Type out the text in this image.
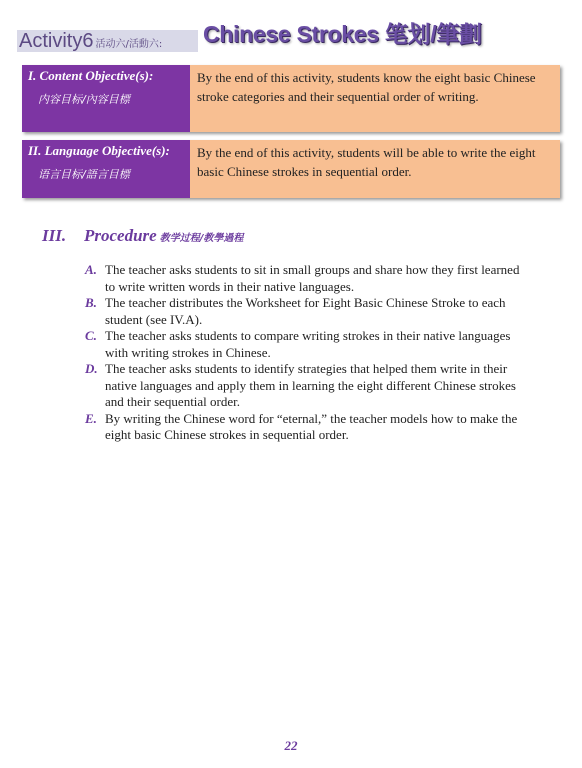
Activity6 活动六/活動六: Chinese Strokes 笔划/筆劃
I. Content Objective(s):
内容目标/內容目標
By the end of this activity, students know the eight basic Chinese stroke categories and their sequential order of writing.
II. Language Objective(s):
语言目标/語言目標
By the end of this activity, students will be able to write the eight basic Chinese strokes in sequential order.
III. Procedure 教学过程/教學過程
A. The teacher asks students to sit in small groups and share how they first learned to write written words in their native languages.
B. The teacher distributes the Worksheet for Eight Basic Chinese Stroke to each student (see IV.A).
C. The teacher asks students to compare writing strokes in their native languages with writing strokes in Chinese.
D. The teacher asks students to identify strategies that helped them write in their native languages and apply them in learning the eight different Chinese strokes and their sequential order.
E. By writing the Chinese word for “eternal,” the teacher models how to make the eight basic Chinese strokes in sequential order.
22
